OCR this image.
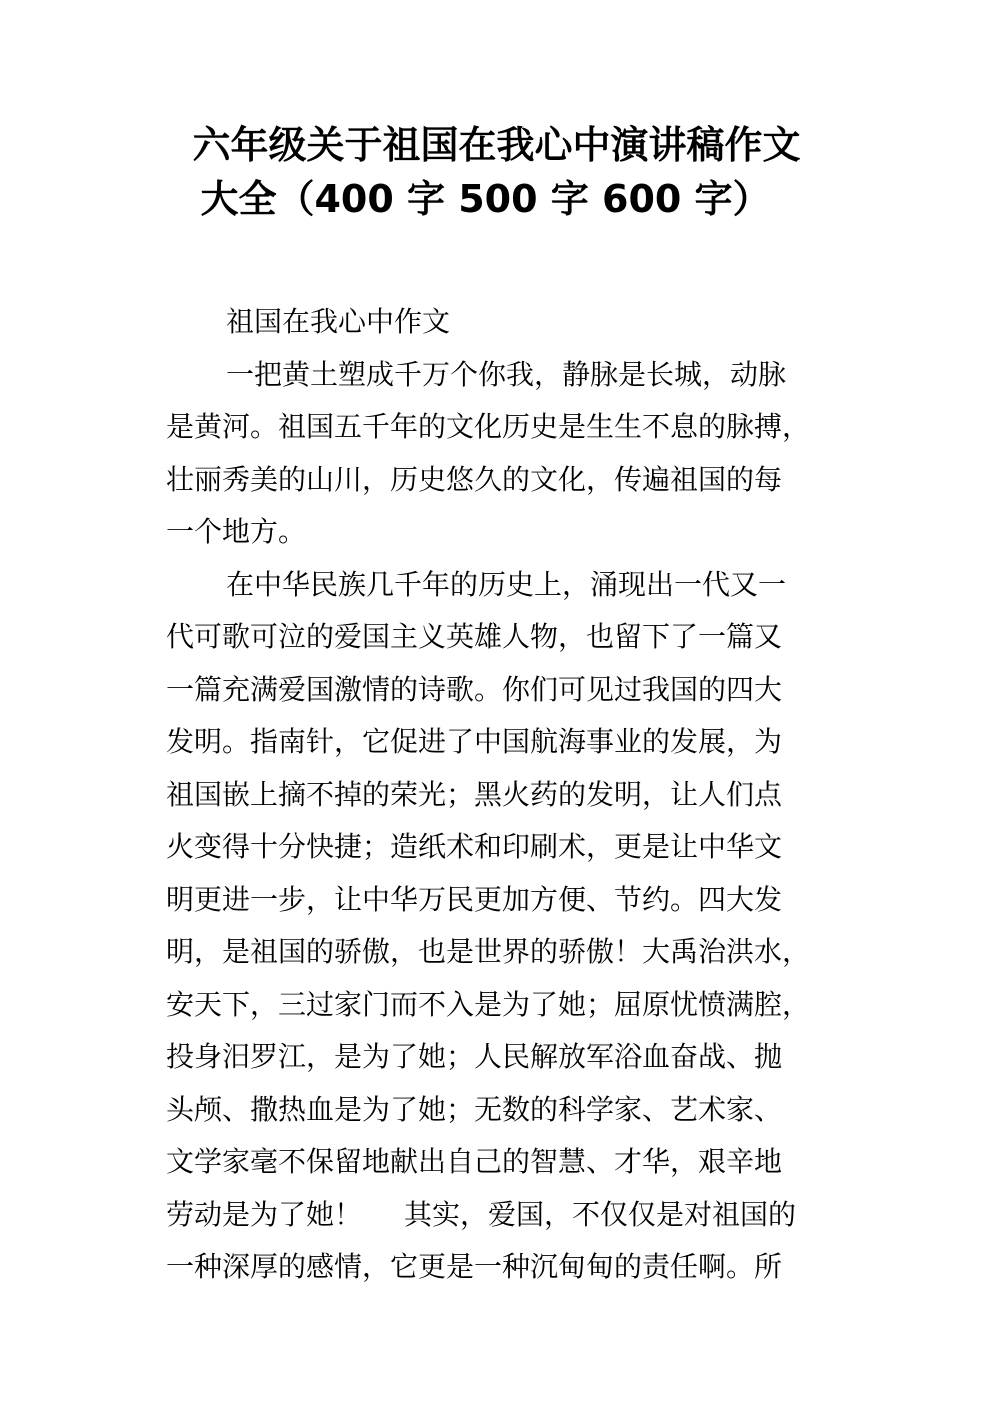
六年级关于祖国在我心中演讲稿作文
大全（400 字 500 字 600 字）
祖国在我心中作文
一把黄土塑成千万个你我，静脉是长城，动脉
是黄河。祖国五千年的文化历史是生生不息的脉搏，
壮丽秀美的山川，历史悠久的文化，传遍祖国的每
一个地方。
在中华民族几千年的历史上，涌现出一代又一
代可歌可泣的爱国主义英雄人物，也留下了一篇又
一篇充满爱国激情的诗歌。你们可见过我国的四大
发明。指南针，它促进了中国航海事业的发展，为
祖国嵌上摘不掉的荣光；黑火药的发明，让人们点
火变得十分快捷；造纸术和印刷术，更是让中华文
明更进一步，让中华万民更加方便、节约。四大发
明，是祖国的骄傲，也是世界的骄傲！大禹治洪水，
安天下，三过家门而不入是为了她；屈原忧愤满腔，
投身汨罗江，是为了她；人民解放军浴血奋战、抛
头颅、撒热血是为了她；无数的科学家、艺术家、
文学家毫不保留地献出自己的智慧、才华，艰辛地
劳动是为了她！ 其实，爱国，不仅仅是对祖国的
一种深厚的感情，它更是一种沉甸甸的责任啊。所
